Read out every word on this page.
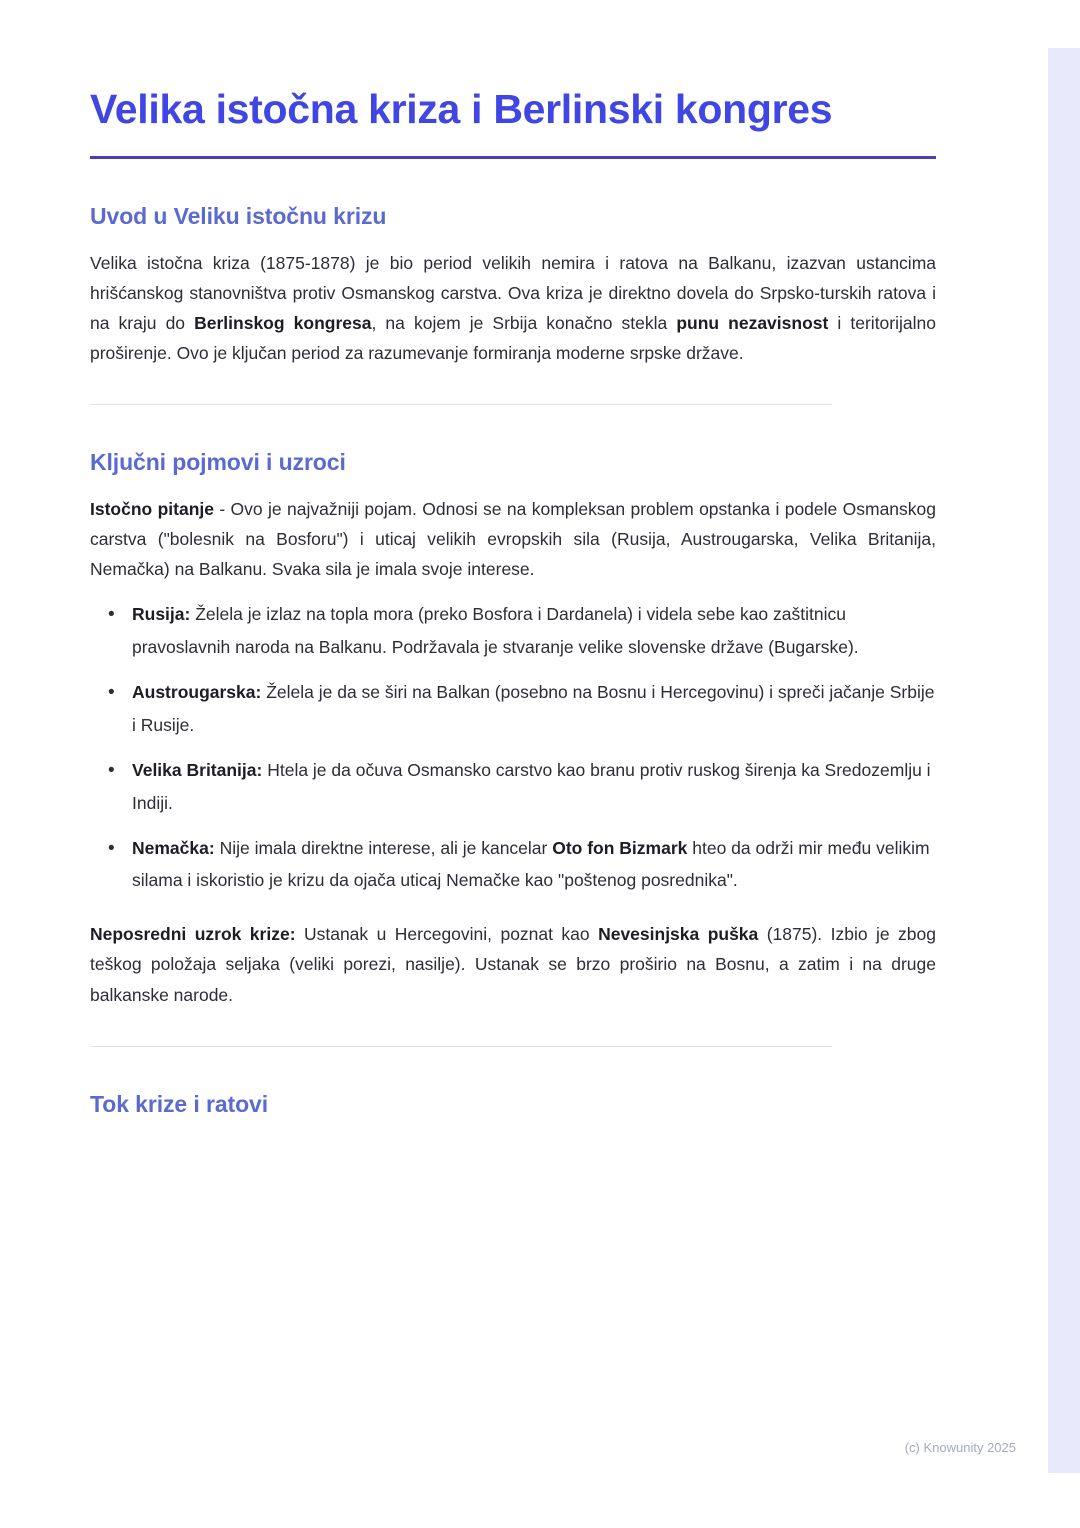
Velika istočna kriza i Berlinski kongres
Uvod u Veliku istočnu krizu

Velika istočna kriza (1875-1878) je bio period velikih nemira i ratova na Balkanu, izazvan ustancima hrišćanskog stanovništva protiv Osmanskog carstva. Ova kriza je direktno dovela do Srpsko-turskih ratova i na kraju do Berlinskog kongresa, na kojem je Srbija konačno stekla punu nezavisnost i teritorijalno proširenje. Ovo je ključan period za razumevanje formiranja moderne srpske države.

Ključni pojmovi i uzroci

Istočno pitanje - Ovo je najvažniji pojam. Odnosi se na kompleksan problem opstanka i podele Osmanskog carstva ("bolesnik na Bosforu") i uticaj velikih evropskih sila (Rusija, Austrougarska, Velika Britanija, Nemačka) na Balkanu. Svaka sila je imala svoje interese.

• Rusija: Želela je izlaz na topla mora (preko Bosfora i Dardanela) i videla sebe kao zaštitnicu pravoslavnih naroda na Balkanu. Podržavala je stvaranje velike slovenske države (Bugarske).
• Austrougarska: Želela je da se širi na Balkan (posebno na Bosnu i Hercegovinu) i spreči jačanje Srbije i Rusije.
• Velika Britanija: Htela je da očuva Osmansko carstvo kao branu protiv ruskog širenja ka Sredozemlju i Indiji.
• Nemačka: Nije imala direktne interese, ali je kancelar Oto fon Bizmark hteo da održi mir među velikim silama i iskoristio je krizu da ojača uticaj Nemačke kao "poštenog posrednika".

Neposredni uzrok krize: Ustanak u Hercegovini, poznat kao Nevesinjska puška (1875). Izbio je zbog teškog položaja seljaka (veliki porezi, nasilje). Ustanak se brzo proširio na Bosnu, a zatim i na druge balkanske narode.

Tok krize i ratovi
(c) Knowunity 2025
